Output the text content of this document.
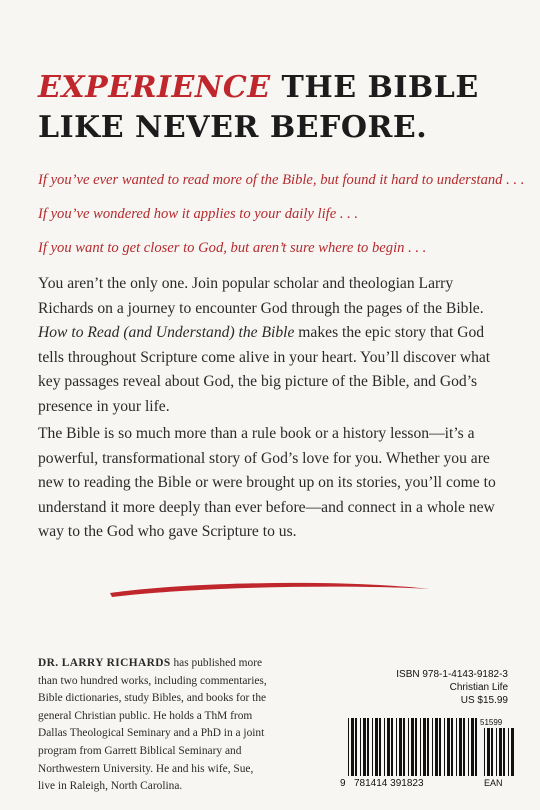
EXPERIENCE THE BIBLE
LIKE NEVER BEFORE.

If you’ve ever wanted to read more of the Bible, but found it hard to understand . . .

If you’ve wondered how it applies to your daily life . . .

If you want to get closer to God, but aren’t sure where to begin . . .

You aren’t the only one. Join popular scholar and theologian Larry Richards on a journey to encounter God through the pages of the Bible. How to Read (and Understand) the Bible makes the epic story that God tells throughout Scripture come alive in your heart. You’ll discover what key passages reveal about God, the big picture of the Bible, and God’s presence in your life.

The Bible is so much more than a rule book or a history lesson—it’s a powerful, transformational story of God’s love for you. Whether you are new to reading the Bible or were brought up on its stories, you’ll come to understand it more deeply than ever before—and connect in a whole new way to the God who gave Scripture to us.

DR. LARRY RICHARDS has published more than two hundred works, including commentaries, Bible dictionaries, study Bibles, and books for the general Christian public. He holds a ThM from Dallas Theological Seminary and a PhD in a joint program from Garrett Biblical Seminary and Northwestern University. He and his wife, Sue, live in Raleigh, North Carolina.

ISBN 978-1-4143-9182-3
Christian Life
US $15.99
9 781414 391823
51599
EAN
